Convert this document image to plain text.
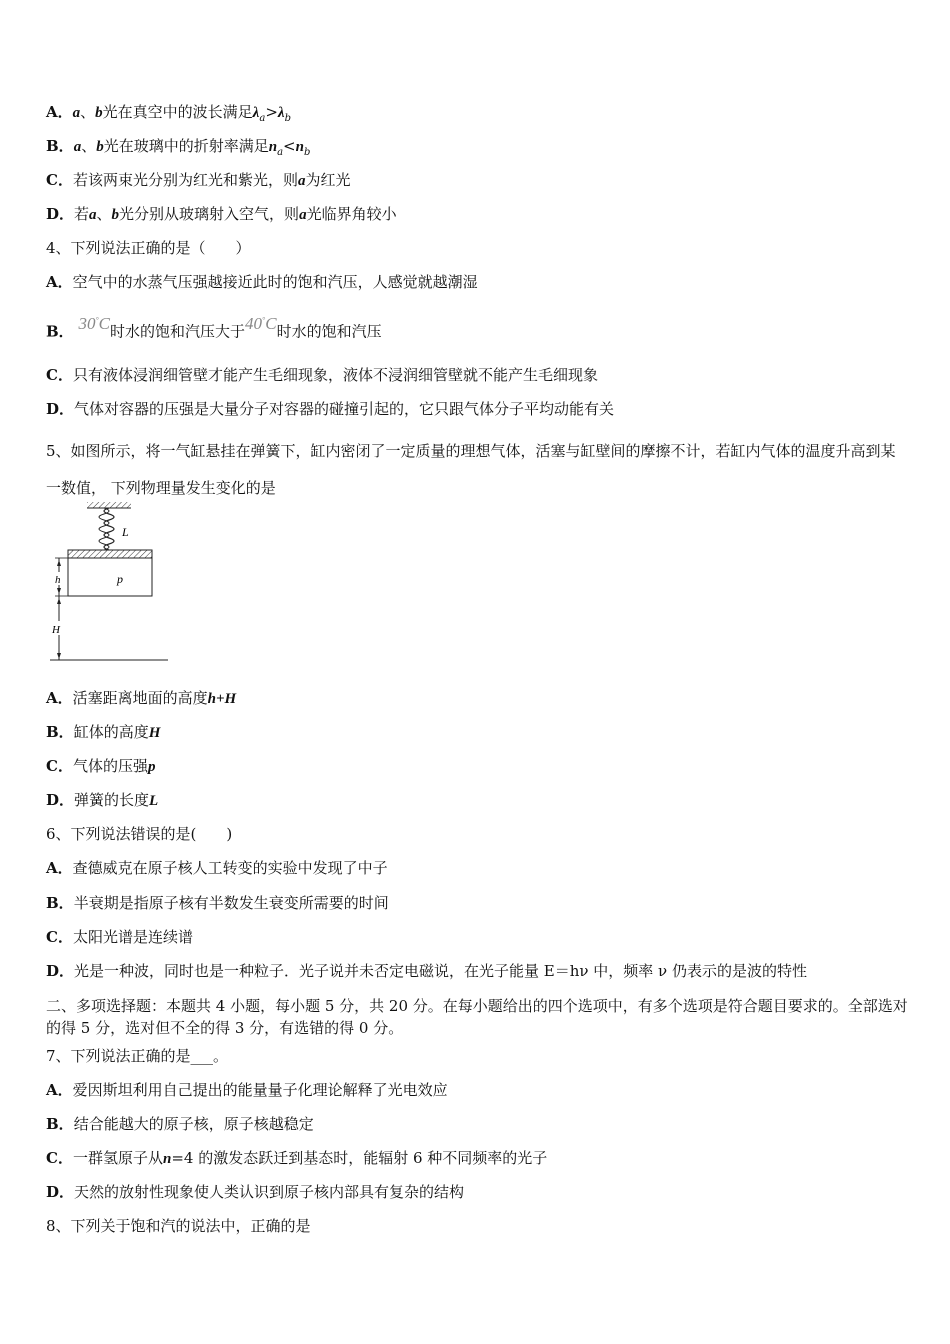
A．a、b光在真空中的波长满足$\lambda_a>\lambda_b$
B．a、b光在玻璃中的折射率满足$n_a<n_b$
C．若该两束光分别为红光和紫光，则a为红光
D．若a、b光分别从玻璃射入空气，则a光临界角较小
4、下列说法正确的是（　　）
A．空气中的水蒸气压强越接近此时的饱和汽压，人感觉就越潮湿
B． 30°C时水的饱和汽压大于40°C时水的饱和汽压
C．只有液体浸润细管壁才能产生毛细现象，液体不浸润细管壁就不能产生毛细现象
D．气体对容器的压强是大量分子对容器的碰撞引起的，它只跟气体分子平均动能有关
5、如图所示，将一气缸悬挂在弹簧下，缸内密闭了一定质量的理想气体，活塞与缸壁间的摩擦不计，若缸内气体的温度升高到某一数值， 下列物理量发生变化的是
L
p
h
H
A．活塞距离地面的高度h+H
B．缸体的高度H
C．气体的压强p
D．弹簧的长度L
6、下列说法错误的是(　　)
A．查德威克在原子核人工转变的实验中发现了中子
B．半衰期是指原子核有半数发生衰变所需要的时间
C．太阳光谱是连续谱
D．光是一种波，同时也是一种粒子．光子说并未否定电磁说，在光子能量 E＝hν 中，频率 ν 仍表示的是波的特性
二、多项选择题：本题共 4 小题，每小题 5 分，共 20 分。在每小题给出的四个选项中，有多个选项是符合题目要求的。全部选对的得 5 分，选对但不全的得 3 分，有选错的得 0 分。
7、下列说法正确的是___。
A．爱因斯坦利用自己提出的能量量子化理论解释了光电效应
B．结合能越大的原子核，原子核越稳定
C．一群氢原子从n=4 的激发态跃迁到基态时，能辐射 6 种不同频率的光子
D．天然的放射性现象使人类认识到原子核内部具有复杂的结构
8、下列关于饱和汽的说法中，正确的是
